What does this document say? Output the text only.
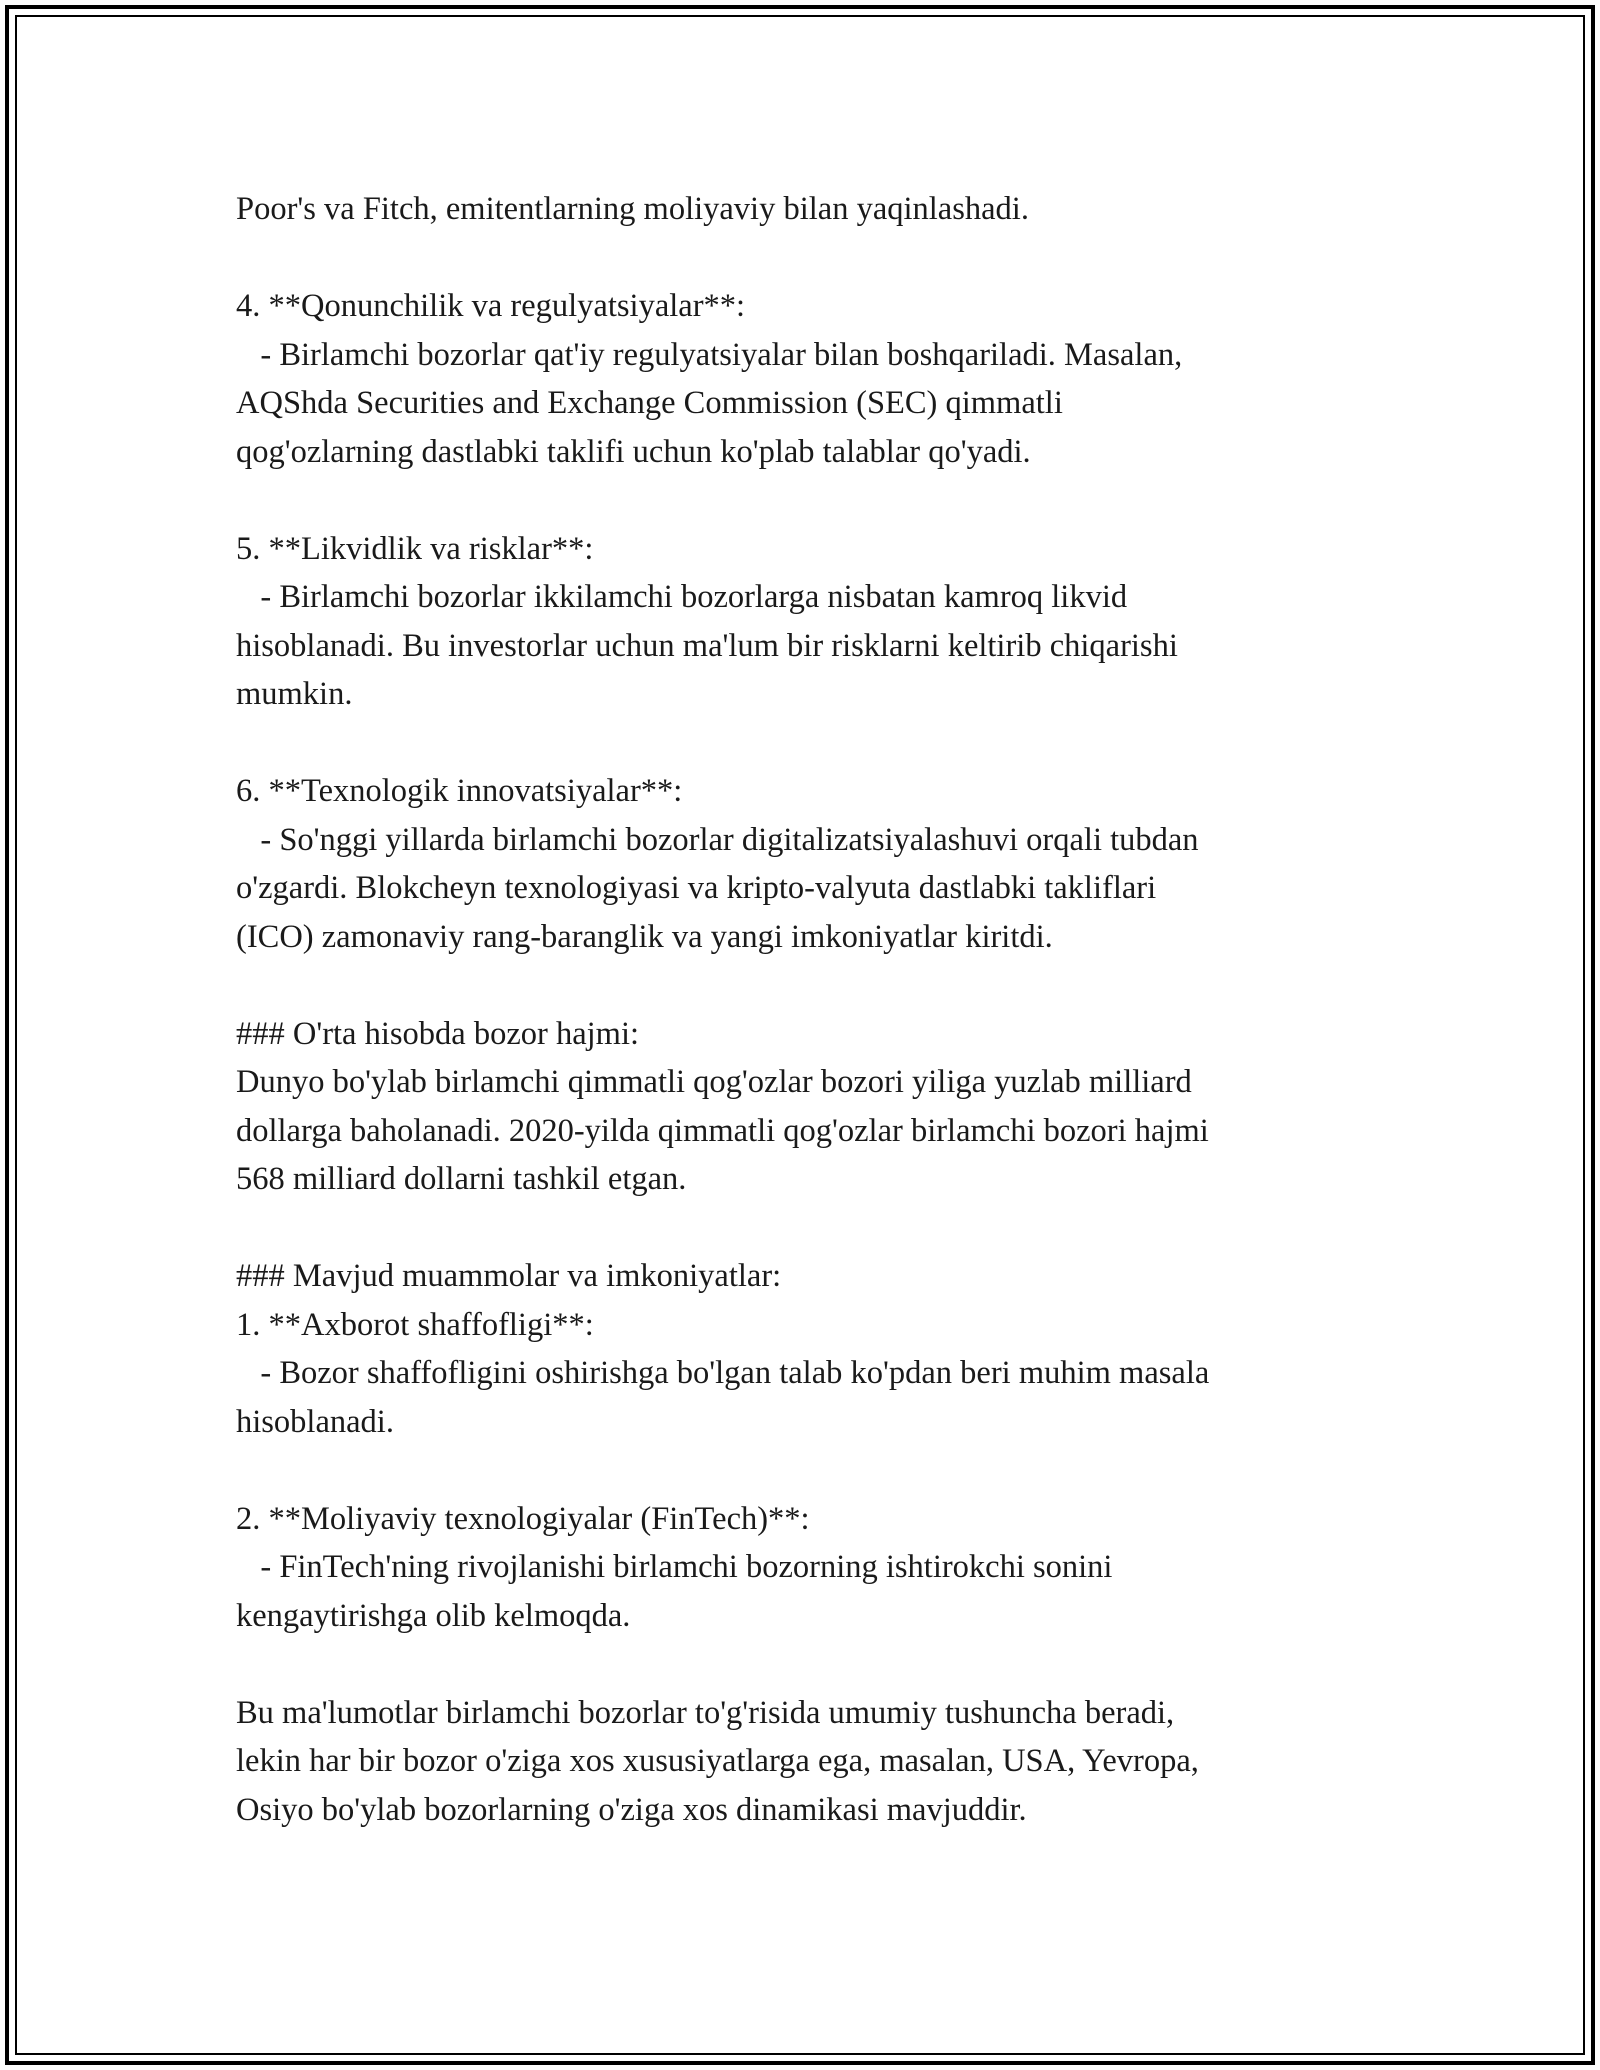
Poor's va Fitch, emitentlarning moliyaviy bilan yaqinlashadi.
4. **Qonunchilik va regulyatsiyalar**:
- Birlamchi bozorlar qat'iy regulyatsiyalar bilan boshqariladi. Masalan,
AQShda Securities and Exchange Commission (SEC) qimmatli
qog'ozlarning dastlabki taklifi uchun ko'plab talablar qo'yadi.
5. **Likvidlik va risklar**:
- Birlamchi bozorlar ikkilamchi bozorlarga nisbatan kamroq likvid
hisoblanadi. Bu investorlar uchun ma'lum bir risklarni keltirib chiqarishi
mumkin.
6. **Texnologik innovatsiyalar**:
- So'nggi yillarda birlamchi bozorlar digitalizatsiyalashuvi orqali tubdan
o'zgardi. Blokcheyn texnologiyasi va kripto-valyuta dastlabki takliflari
(ICO) zamonaviy rang-baranglik va yangi imkoniyatlar kiritdi.
### O'rta hisobda bozor hajmi:
Dunyo bo'ylab birlamchi qimmatli qog'ozlar bozori yiliga yuzlab milliard
dollarga baholanadi. 2020-yilda qimmatli qog'ozlar birlamchi bozori hajmi
568 milliard dollarni tashkil etgan.
### Mavjud muammolar va imkoniyatlar:
1. **Axborot shaffofligi**:
- Bozor shaffofligini oshirishga bo'lgan talab ko'pdan beri muhim masala
hisoblanadi.
2. **Moliyaviy texnologiyalar (FinTech)**:
- FinTech'ning rivojlanishi birlamchi bozorning ishtirokchi sonini
kengaytirishga olib kelmoqda.
Bu ma'lumotlar birlamchi bozorlar to'g'risida umumiy tushuncha beradi,
lekin har bir bozor o'ziga xos xususiyatlarga ega, masalan, USA, Yevropa,
Osiyo bo'ylab bozorlarning o'ziga xos dinamikasi mavjuddir.
